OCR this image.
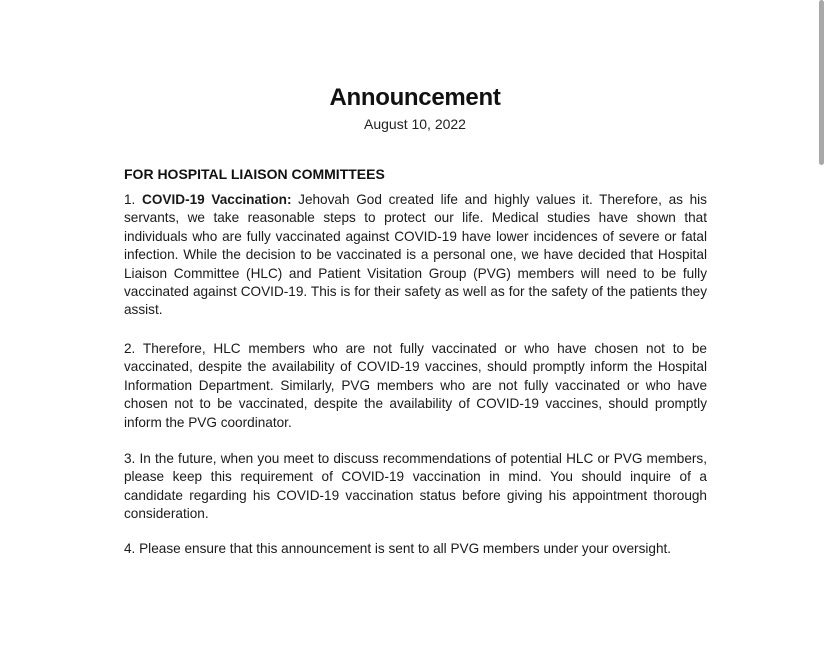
Announcement
August 10, 2022
FOR HOSPITAL LIAISON COMMITTEES
1. COVID-19 Vaccination: Jehovah God created life and highly values it. Therefore, as his servants, we take reasonable steps to protect our life. Medical studies have shown that individuals who are fully vaccinated against COVID-19 have lower incidences of severe or fatal infection. While the decision to be vaccinated is a personal one, we have decided that Hospital Liaison Committee (HLC) and Patient Visitation Group (PVG) members will need to be fully vaccinated against COVID-19. This is for their safety as well as for the safety of the patients they assist.
2. Therefore, HLC members who are not fully vaccinated or who have chosen not to be vaccinated, despite the availability of COVID-19 vaccines, should promptly inform the Hospital Information Department. Similarly, PVG members who are not fully vaccinated or who have chosen not to be vaccinated, despite the availability of COVID-19 vaccines, should promptly inform the PVG coordinator.
3. In the future, when you meet to discuss recommendations of potential HLC or PVG members, please keep this requirement of COVID-19 vaccination in mind. You should inquire of a candidate regarding his COVID-19 vaccination status before giving his appointment thorough consideration.
4. Please ensure that this announcement is sent to all PVG members under your oversight.
